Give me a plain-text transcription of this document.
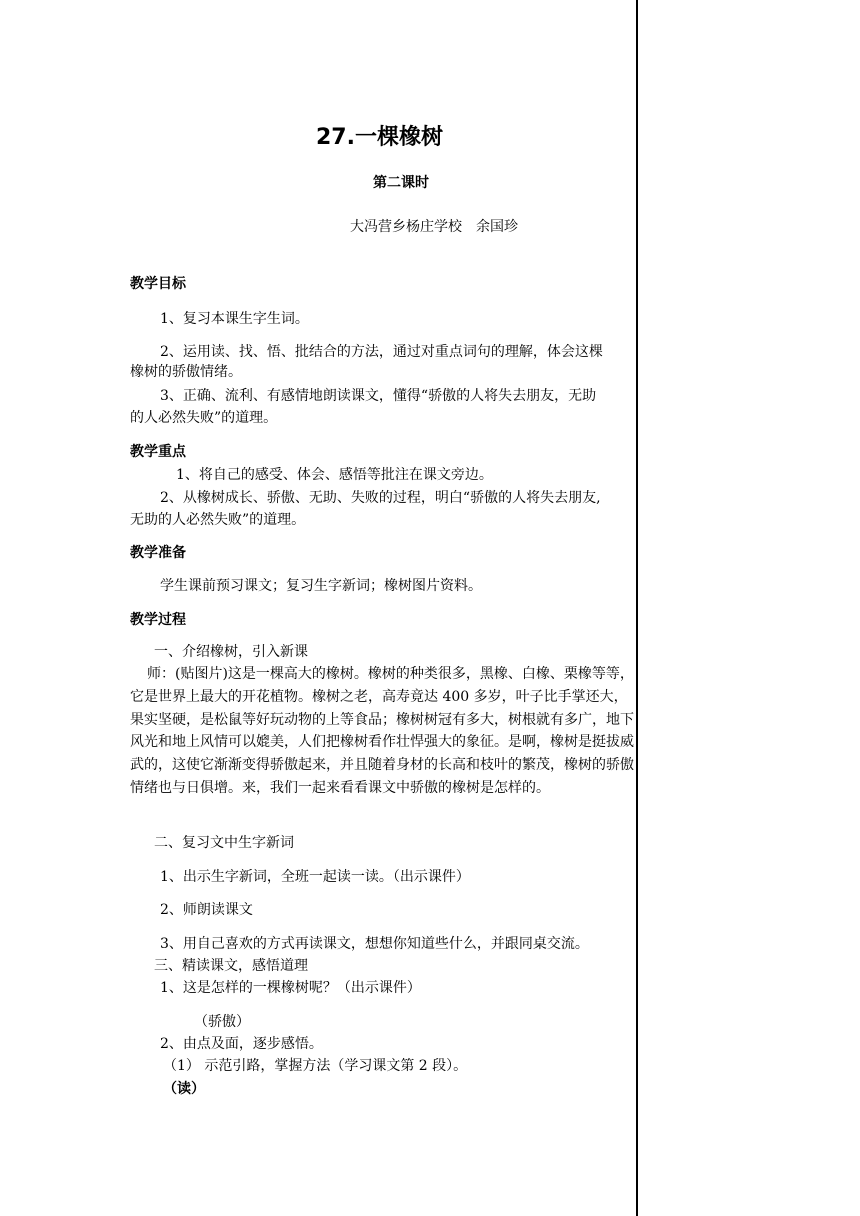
27.一棵橡树
第二课时
大冯营乡杨庄学校　余国珍
教学目标
1、复习本课生字生词。
2、运用读、找、悟、批结合的方法，通过对重点词句的理解，体会这棵
橡树的骄傲情绪。
3、正确、流利、有感情地朗读课文，懂得“骄傲的人将失去朋友，无助
的人必然失败”的道理。
教学重点
1、将自己的感受、体会、感悟等批注在课文旁边。
2、从橡树成长、骄傲、无助、失败的过程，明白“骄傲的人将失去朋友,
无助的人必然失败”的道理。
教学准备
学生课前预习课文；复习生字新词；橡树图片资料。
教学过程
一、介绍橡树，引入新课
师：(贴图片)这是一棵高大的橡树。橡树的种类很多，黑橡、白橡、栗橡等等，它是世界上最大的开花植物。橡树之老，高寿竟达 400 多岁，叶子比手掌还大，果实坚硬，是松鼠等好玩动物的上等食品；橡树树冠有多大，树根就有多广，地下风光和地上风情可以媲美，人们把橡树看作壮悍强大的象征。是啊，橡树是挺拔威武的，这使它渐渐变得骄傲起来，并且随着身材的长高和枝叶的繁茂，橡树的骄傲情绪也与日俱增。来，我们一起来看看课文中骄傲的橡树是怎样的。
二、复习文中生字新词
1、出示生字新词，全班一起读一读。（出示课件）
2、师朗读课文
3、用自己喜欢的方式再读课文，想想你知道些什么，并跟同桌交流。
三、精读课文，感悟道理
1、这是怎样的一棵橡树呢？（出示课件）
（骄傲）
2、由点及面，逐步感悟。
（1） 示范引路，掌握方法（学习课文第 2 段）。
（读）
